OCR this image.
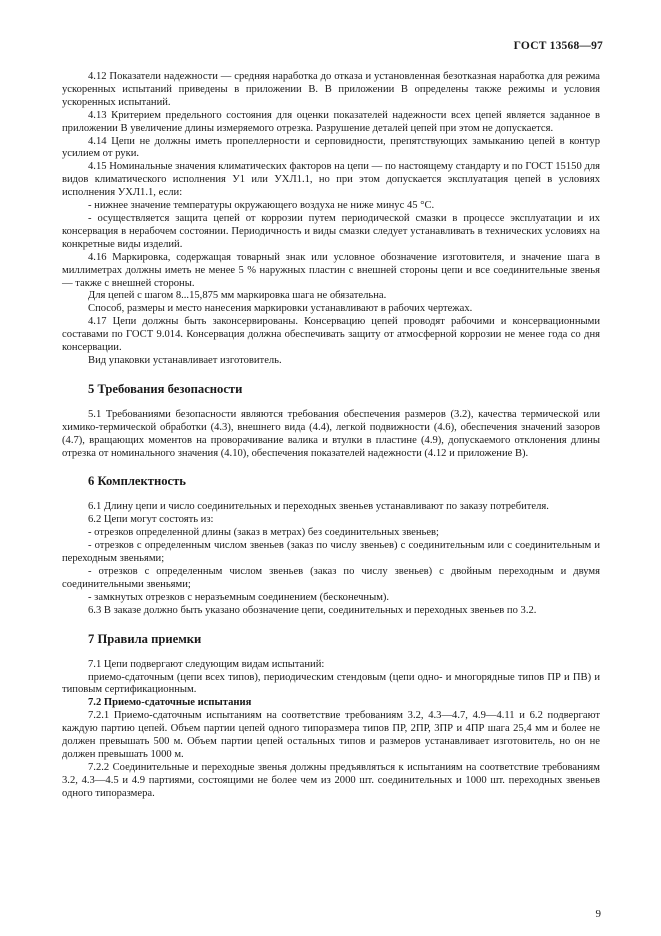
ГОСТ 13568—97
4.12 Показатели надежности — средняя наработка до отказа и установленная безотказная наработка для режима ускоренных испытаний приведены в приложении В. В приложении В определены также режимы и условия ускоренных испытаний.
4.13 Критерием предельного состояния для оценки показателей надежности всех цепей является заданное в приложении В увеличение длины измеряемого отрезка. Разрушение деталей цепей при этом не допускается.
4.14 Цепи не должны иметь пропеллерности и серповидности, препятствующих замыканию цепей в контур усилием от руки.
4.15 Номинальные значения климатических факторов на цепи — по настоящему стандарту и по ГОСТ 15150 для видов климатического исполнения У1 или УХЛ1.1, но при этом допускается эксплуатация цепей в условиях исполнения УХЛ1.1, если:
- нижнее значение температуры окружающего воздуха не ниже минус 45 °С.
- осуществляется защита цепей от коррозии путем периодической смазки в процессе эксплуатации и их консервация в нерабочем состоянии. Периодичность и виды смазки следует устанавливать в технических условиях на конкретные виды изделий.
4.16 Маркировка, содержащая товарный знак или условное обозначение изготовителя, и значение шага в миллиметрах должны иметь не менее 5 % наружных пластин с внешней стороны цепи и все соединительные звенья — также с внешней стороны.
Для цепей с шагом 8...15,875 мм маркировка шага не обязательна.
Способ, размеры и место нанесения маркировки устанавливают в рабочих чертежах.
4.17 Цепи должны быть законсервированы. Консервацию цепей проводят рабочими и консервационными составами по ГОСТ 9.014. Консервация должна обеспечивать защиту от атмосферной коррозии не менее года со дня консервации.
Вид упаковки устанавливает изготовитель.
5 Требования безопасности
5.1 Требованиями безопасности являются требования обеспечения размеров (3.2), качества термической или химико-термической обработки (4.3), внешнего вида (4.4), легкой подвижности (4.6), обеспечения значений зазоров (4.7), вращающих моментов на проворачивание валика и втулки в пластине (4.9), допускаемого отклонения длины отрезка от номинального значения (4.10), обеспечения показателей надежности (4.12 и приложение В).
6 Комплектность
6.1 Длину цепи и число соединительных и переходных звеньев устанавливают по заказу потребителя.
6.2 Цепи могут состоять из:
- отрезков определенной длины (заказ в метрах) без соединительных звеньев;
- отрезков с определенным числом звеньев (заказ по числу звеньев) с соединительным или с соединительным и переходным звеньями;
- отрезков с определенным числом звеньев (заказ по числу звеньев) с двойным переходным и двумя соединительными звеньями;
- замкнутых отрезков с неразъемным соединением (бесконечным).
6.3 В заказе должно быть указано обозначение цепи, соединительных и переходных звеньев по 3.2.
7 Правила приемки
7.1 Цепи подвергают следующим видам испытаний:
приемо-сдаточным (цепи всех типов), периодическим стендовым (цепи одно- и многорядные типов ПР и ПВ) и типовым сертификационным.
7.2 Приемо-сдаточные испытания
7.2.1 Приемо-сдаточным испытаниям на соответствие требованиям 3.2, 4.3—4.7, 4.9—4.11 и 6.2 подвергают каждую партию цепей. Объем партии цепей одного типоразмера типов ПР, 2ПР, 3ПР и 4ПР шага 25,4 мм и более не должен превышать 500 м. Объем партии цепей остальных типов и размеров устанавливает изготовитель, но он не должен превышать 1000 м.
7.2.2 Соединительные и переходные звенья должны предъявляться к испытаниям на соответствие требованиям 3.2, 4.3—4.5 и 4.9 партиями, состоящими не более чем из 2000 шт. соединительных и 1000 шт. переходных звеньев одного типоразмера.
9
